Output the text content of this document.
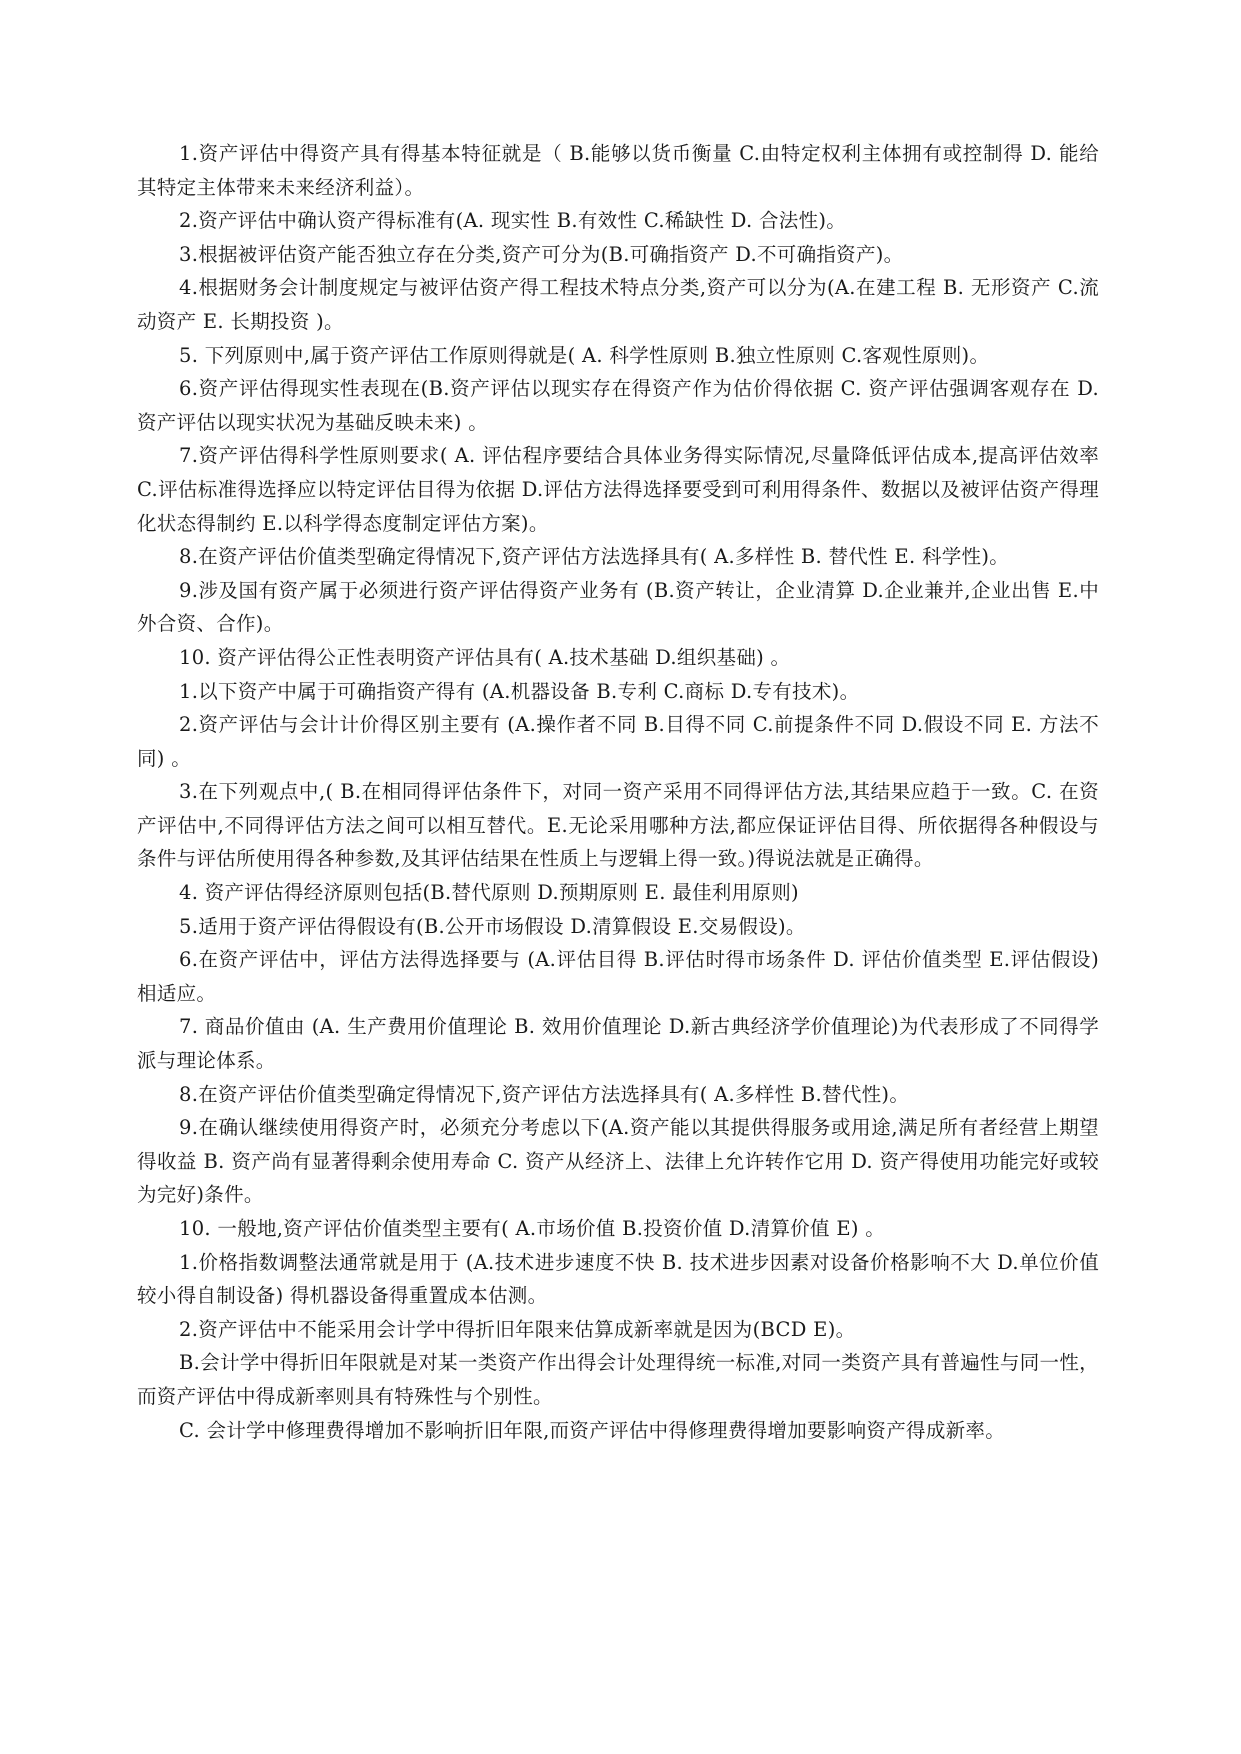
1.资产评估中得资产具有得基本特征就是（ B.能够以货币衡量 C.由特定权利主体拥有或控制得 D. 能给其特定主体带来未来经济利益）。

2.资产评估中确认资产得标准有(A. 现实性 B.有效性 C.稀缺性 D. 合法性)。

3.根据被评估资产能否独立存在分类,资产可分为(B.可确指资产 D.不可确指资产)。

4.根据财务会计制度规定与被评估资产得工程技术特点分类,资产可以分为(A.在建工程 B. 无形资产 C.流动资产 E. 长期投资 )。

5. 下列原则中,属于资产评估工作原则得就是( A. 科学性原则 B.独立性原则 C.客观性原则)。

6.资产评估得现实性表现在(B.资产评估以现实存在得资产作为估价得依据 C. 资产评估强调客观存在 D.资产评估以现实状况为基础反映未来) 。

7.资产评估得科学性原则要求( A. 评估程序要结合具体业务得实际情况,尽量降低评估成本,提高评估效率 C.评估标准得选择应以特定评估目得为依据 D.评估方法得选择要受到可利用得条件、数据以及被评估资产得理化状态得制约 E.以科学得态度制定评估方案)。

8.在资产评估价值类型确定得情况下,资产评估方法选择具有( A.多样性 B. 替代性 E. 科学性)。

9.涉及国有资产属于必须进行资产评估得资产业务有 (B.资产转让，企业清算 D.企业兼并,企业出售 E.中外合资、合作)。

10. 资产评估得公正性表明资产评估具有( A.技术基础 D.组织基础) 。

1.以下资产中属于可确指资产得有 (A.机器设备 B.专利 C.商标 D.专有技术)。

2.资产评估与会计计价得区别主要有 (A.操作者不同 B.目得不同 C.前提条件不同 D.假设不同 E. 方法不同) 。

3.在下列观点中,( B.在相同得评估条件下，对同一资产采用不同得评估方法,其结果应趋于一致。C. 在资产评估中,不同得评估方法之间可以相互替代。E.无论采用哪种方法,都应保证评估目得、所依据得各种假设与条件与评估所使用得各种参数,及其评估结果在性质上与逻辑上得一致。)得说法就是正确得。

4. 资产评估得经济原则包括(B.替代原则 D.预期原则 E. 最佳利用原则)

5.适用于资产评估得假设有(B.公开市场假设 D.清算假设 E.交易假设)。

6.在资产评估中，评估方法得选择要与 (A.评估目得 B.评估时得市场条件 D. 评估价值类型 E.评估假设)相适应。

7. 商品价值由 (A. 生产费用价值理论 B. 效用价值理论 D.新古典经济学价值理论)为代表形成了不同得学派与理论体系。

8.在资产评估价值类型确定得情况下,资产评估方法选择具有( A.多样性 B.替代性)。

9.在确认继续使用得资产时，必须充分考虑以下(A.资产能以其提供得服务或用途,满足所有者经营上期望得收益 B. 资产尚有显著得剩余使用寿命 C. 资产从经济上、法律上允许转作它用 D. 资产得使用功能完好或较为完好)条件。

10. 一般地,资产评估价值类型主要有( A.市场价值 B.投资价值 D.清算价值 E) 。

1.价格指数调整法通常就是用于 (A.技术进步速度不快 B. 技术进步因素对设备价格影响不大 D.单位价值较小得自制设备) 得机器设备得重置成本估测。

2.资产评估中不能采用会计学中得折旧年限来估算成新率就是因为(BCD E)。

B.会计学中得折旧年限就是对某一类资产作出得会计处理得统一标准,对同一类资产具有普遍性与同一性，而资产评估中得成新率则具有特殊性与个别性。

C. 会计学中修理费得增加不影响折旧年限,而资产评估中得修理费得增加要影响资产得成新率。
